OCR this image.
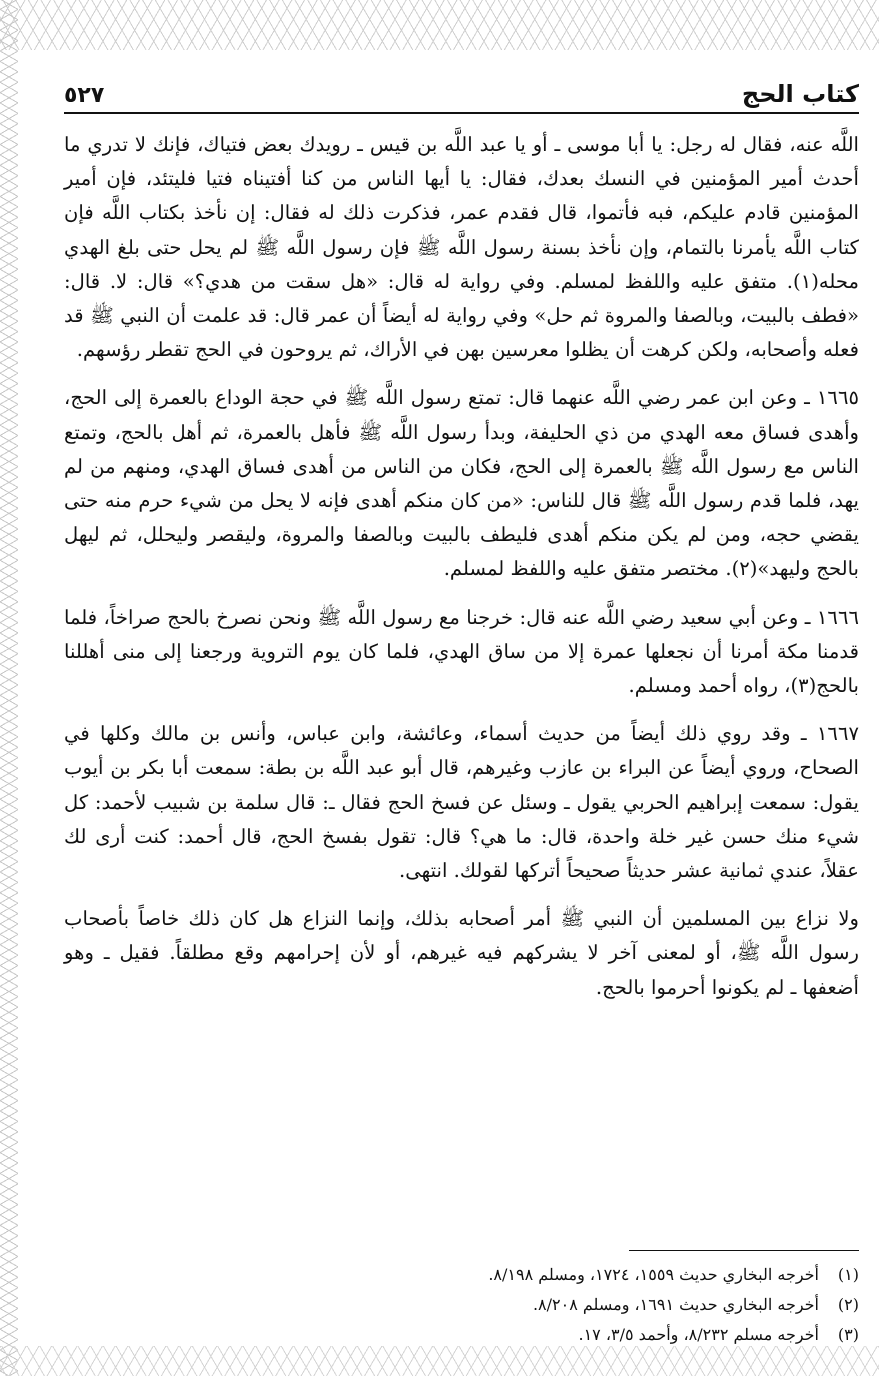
كتاب الحج
٥٢٧

اللَّه عنه، فقال له رجل: يا أبا موسى ـ أو يا عبد اللَّه بن قيس ـ رويدك بعض فتياك، فإنك لا تدري ما أحدث أمير المؤمنين في النسك بعدك، فقال: يا أيها الناس من كنا أفتيناه فتيا فليتئد، فإن أمير المؤمنين قادم عليكم، فبه فأتموا، قال فقدم عمر، فذكرت ذلك له فقال: إن نأخذ بكتاب اللَّه فإن كتاب اللَّه يأمرنا بالتمام، وإن نأخذ بسنة رسول اللَّه ﷺ فإن رسول اللَّه ﷺ لم يحل حتى بلغ الهدي محله(١). متفق عليه واللفظ لمسلم. وفي رواية له قال: «هل سقت من هدي؟» قال: لا. قال: «فطف بالبيت، وبالصفا والمروة ثم حل» وفي رواية له أيضاً أن عمر قال: قد علمت أن النبي ﷺ قد فعله وأصحابه، ولكن كرهت أن يظلوا معرسين بهن في الأراك، ثم يروحون في الحج تقطر رؤسهم.

١٦٦٥ ـ وعن ابن عمر رضي اللَّه عنهما قال: تمتع رسول اللَّه ﷺ في حجة الوداع بالعمرة إلى الحج، وأهدى فساق معه الهدي من ذي الحليفة، وبدأ رسول اللَّه ﷺ فأهل بالعمرة، ثم أهل بالحج، وتمتع الناس مع رسول اللَّه ﷺ بالعمرة إلى الحج، فكان من الناس من أهدى فساق الهدي، ومنهم من لم يهد، فلما قدم رسول اللَّه ﷺ قال للناس: «من كان منكم أهدى فإنه لا يحل من شيء حرم منه حتى يقضي حجه، ومن لم يكن منكم أهدى فليطف بالبيت وبالصفا والمروة، وليقصر وليحلل، ثم ليهل بالحج وليهد»(٢). مختصر متفق عليه واللفظ لمسلم.

١٦٦٦ ـ وعن أبي سعيد رضي اللَّه عنه قال: خرجنا مع رسول اللَّه ﷺ ونحن نصرخ بالحج صراخاً، فلما قدمنا مكة أمرنا أن نجعلها عمرة إلا من ساق الهدي، فلما كان يوم التروية ورجعنا إلى منى أهللنا بالحج(٣)، رواه أحمد ومسلم.

١٦٦٧ ـ وقد روي ذلك أيضاً من حديث أسماء، وعائشة، وابن عباس، وأنس بن مالك وكلها في الصحاح، وروي أيضاً عن البراء بن عازب وغيرهم، قال أبو عبد اللَّه بن بطة: سمعت أبا بكر بن أيوب يقول: سمعت إبراهيم الحربي يقول ـ وسئل عن فسخ الحج فقال ـ: قال سلمة بن شبيب لأحمد: كل شيء منك حسن غير خلة واحدة، قال: ما هي؟ قال: تقول بفسخ الحج، قال أحمد: كنت أرى لك عقلاً، عندي ثمانية عشر حديثاً صحيحاً أتركها لقولك. انتهى.

ولا نزاع بين المسلمين أن النبي ﷺ أمر أصحابه بذلك، وإنما النزاع هل كان ذلك خاصاً بأصحاب رسول اللَّه ﷺ، أو لمعنى آخر لا يشركهم فيه غيرهم، أو لأن إحرامهم وقع مطلقاً. فقيل ـ وهو أضعفها ـ لم يكونوا أحرموا بالحج.

(١)أخرجه البخاري حديث ١٥٥٩، ١٧٢٤، ومسلم ٨/١٩٨.
(٢)أخرجه البخاري حديث ١٦٩١، ومسلم ٨/٢٠٨.
(٣)أخرجه مسلم ٨/٢٣٢، وأحمد ٣/٥، ١٧.
